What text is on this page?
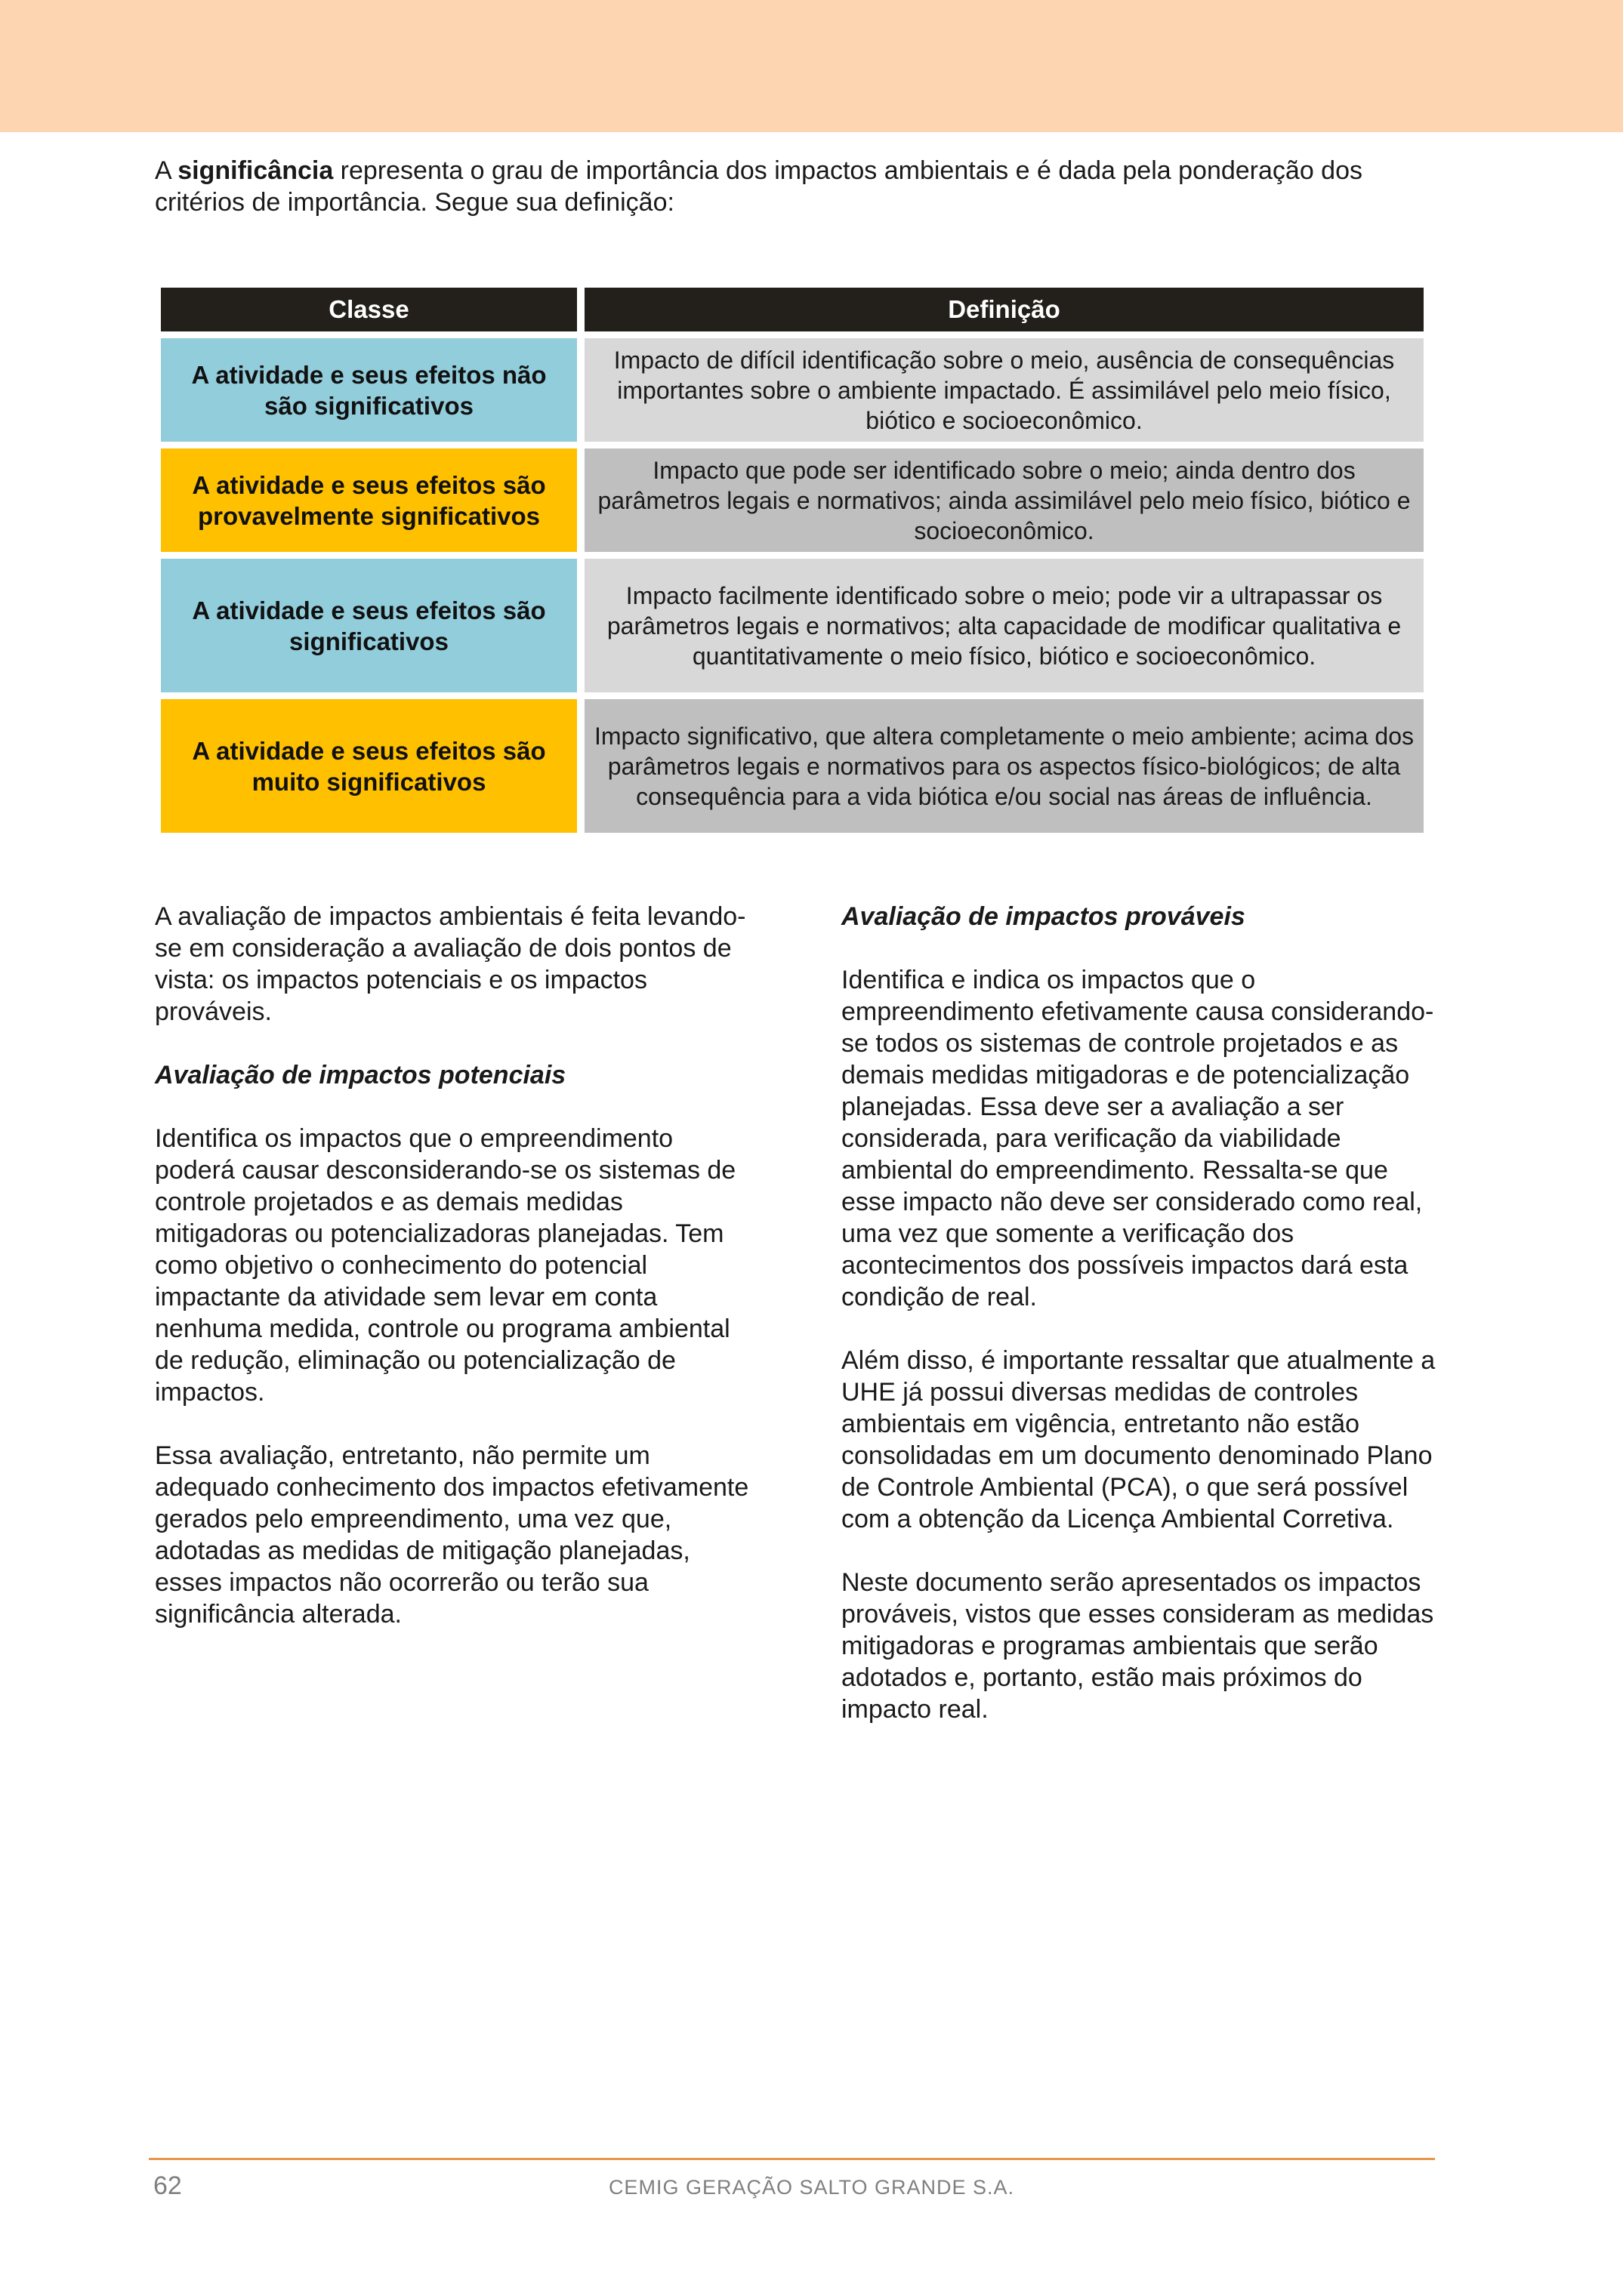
A significância representa o grau de importância dos impactos ambientais e é dada pela ponderação dos critérios de importância. Segue sua definição:
Classe	Definição
A atividade e seus efeitos não são significativos
Impacto de difícil identificação sobre o meio, ausência de consequências importantes sobre o ambiente impactado. É assimilável pelo meio físico, biótico e socioeconômico.
A atividade e seus efeitos são provavelmente significativos
Impacto que pode ser identificado sobre o meio; ainda dentro dos parâmetros legais e normativos; ainda assimilável pelo meio físico, biótico e socioeconômico.
A atividade e seus efeitos são significativos
Impacto facilmente identificado sobre o meio; pode vir a ultrapassar os parâmetros legais e normativos; alta capacidade de modificar qualitativa e quantitativamente o meio físico, biótico e socioeconômico.
A atividade e seus efeitos são muito significativos
Impacto significativo, que altera completamente o meio ambiente; acima dos parâmetros legais e normativos para os aspectos físico-biológicos; de alta consequência para a vida biótica e/ou social nas áreas de influência.

A avaliação de impactos ambientais é feita levando-se em consideração a avaliação de dois pontos de vista: os impactos potenciais e os impactos prováveis.

Avaliação de impactos potenciais

Identifica os impactos que o empreendimento poderá causar desconsiderando-se os sistemas de controle projetados e as demais medidas mitigadoras ou potencializadoras planejadas. Tem como objetivo o conhecimento do potencial impactante da atividade sem levar em conta nenhuma medida, controle ou programa ambiental de redução, eliminação ou potencialização de impactos.

Essa avaliação, entretanto, não permite um adequado conhecimento dos impactos efetivamente gerados pelo empreendimento, uma vez que, adotadas as medidas de mitigação planejadas, esses impactos não ocorrerão ou terão sua significância alterada.

Avaliação de impactos prováveis

Identifica e indica os impactos que o empreendimento efetivamente causa considerando-se todos os sistemas de controle projetados e as demais medidas mitigadoras e de potencialização planejadas. Essa deve ser a avaliação a ser considerada, para verificação da viabilidade ambiental do empreendimento. Ressalta-se que esse impacto não deve ser considerado como real, uma vez que somente a verificação dos acontecimentos dos possíveis impactos dará esta condição de real.

Além disso, é importante ressaltar que atualmente a UHE já possui diversas medidas de controles ambientais em vigência, entretanto não estão consolidadas em um documento denominado Plano de Controle Ambiental (PCA), o que será possível com a obtenção da Licença Ambiental Corretiva.

Neste documento serão apresentados os impactos prováveis, vistos que esses consideram as medidas mitigadoras e programas ambientais que serão adotados e, portanto, estão mais próximos do impacto real.

62	CEMIG GERAÇÃO SALTO GRANDE S.A.
